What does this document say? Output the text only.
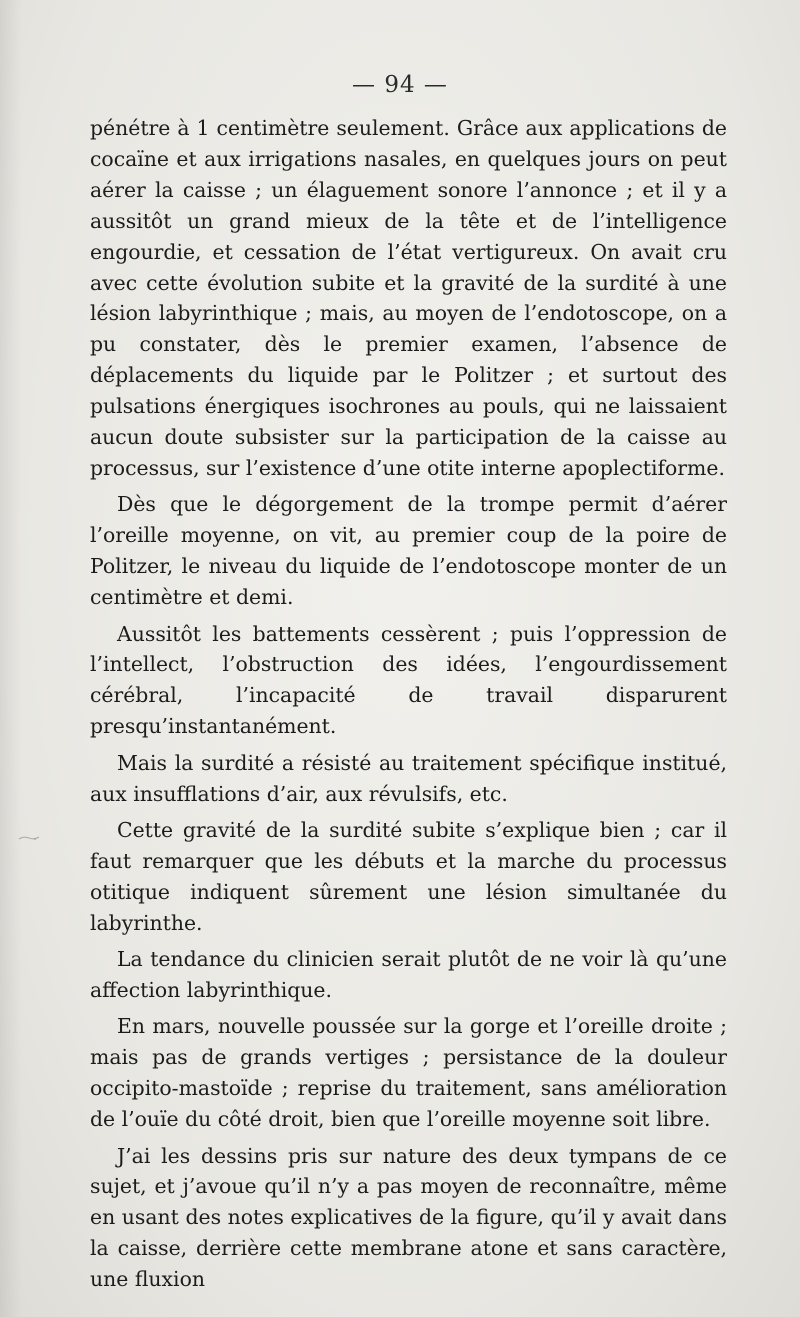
— 94 —

pénétre à 1 centimètre seulement. Grâce aux applications de cocaïne et aux irrigations nasales, en quelques jours on peut aérer la caisse ; un élaguement sonore l’annonce ; et il y a aussitôt un grand mieux de la tête et de l’intelligence engourdie, et cessation de l’état vertigureux. On avait cru avec cette évolution subite et la gravité de la surdité à une lésion labyrinthique ; mais, au moyen de l’endotoscope, on a pu constater, dès le premier examen, l’absence de déplacements du liquide par le Politzer ; et surtout des pulsations énergiques isochrones au pouls, qui ne laissaient aucun doute subsister sur la participation de la caisse au processus, sur l’existence d’une otite interne apoplectiforme.

Dès que le dégorgement de la trompe permit d’aérer l’oreille moyenne, on vit, au premier coup de la poire de Politzer, le niveau du liquide de l’endotoscope monter de un centimètre et demi.

Aussitôt les battements cessèrent ; puis l’oppression de l’intellect, l’obstruction des idées, l’engourdissement cérébral, l’incapacité de travail disparurent presqu’instantanément.

Mais la surdité a résisté au traitement spécifique institué, aux insufflations d’air, aux révulsifs, etc.

Cette gravité de la surdité subite s’explique bien ; car il faut remarquer que les débuts et la marche du processus otitique indiquent sûrement une lésion simultanée du labyrinthe.

La tendance du clinicien serait plutôt de ne voir là qu’une affection labyrinthique.

En mars, nouvelle poussée sur la gorge et l’oreille droite ; mais pas de grands vertiges ; persistance de la douleur occipito-mastoïde ; reprise du traitement, sans amélioration de l’ouïe du côté droit, bien que l’oreille moyenne soit libre.

J’ai les dessins pris sur nature des deux tympans de ce sujet, et j’avoue qu’il n’y a pas moyen de reconnaître, même en usant des notes explicatives de la figure, qu’il y avait dans la caisse, derrière cette membrane atone et sans caractère, une fluxion
